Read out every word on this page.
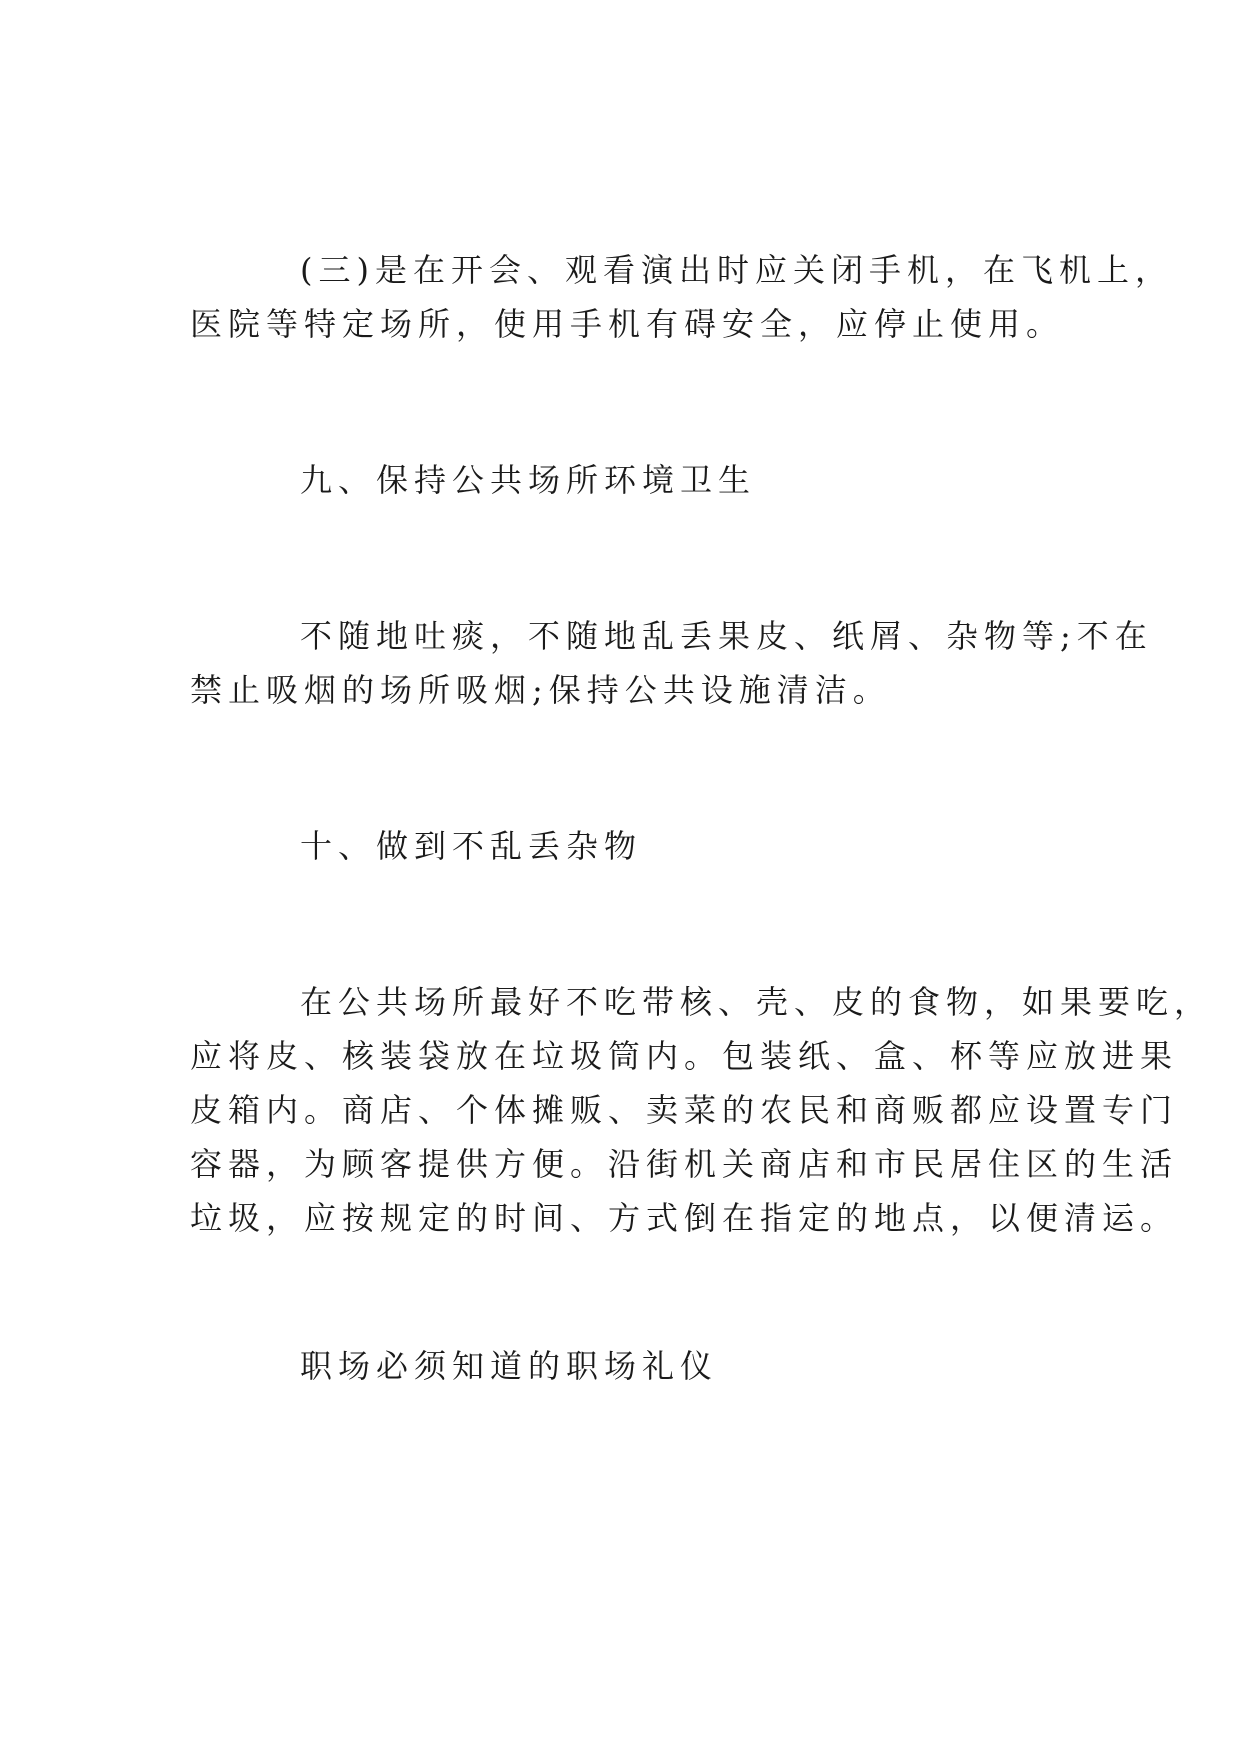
(三)是在开会、观看演出时应关闭手机，在飞机上，
医院等特定场所，使用手机有碍安全，应停止使用。
九、保持公共场所环境卫生
不随地吐痰，不随地乱丢果皮、纸屑、杂物等;不在
禁止吸烟的场所吸烟;保持公共设施清洁。
十、做到不乱丢杂物
在公共场所最好不吃带核、壳、皮的食物，如果要吃，
应将皮、核装袋放在垃圾筒内。包装纸、盒、杯等应放进果
皮箱内。商店、个体摊贩、卖菜的农民和商贩都应设置专门
容器，为顾客提供方便。沿街机关商店和市民居住区的生活
垃圾，应按规定的时间、方式倒在指定的地点，以便清运。
职场必须知道的职场礼仪
